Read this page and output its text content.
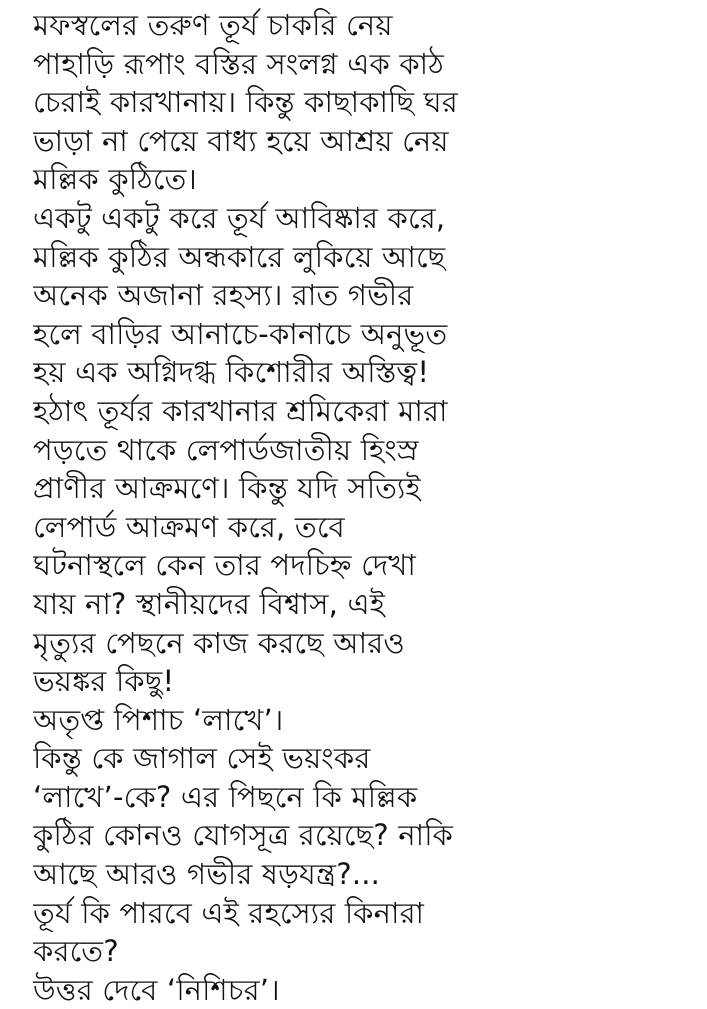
মফস্বলের তরুণ তূর্য চাকরি নেয়
পাহাড়ি রূপাং বস্তির সংলগ্ন এক কাঠ
চেরাই কারখানায়। কিন্তু কাছাকাছি ঘর
ভাড়া না পেয়ে বাধ্য হয়ে আশ্রয় নেয়
মল্লিক কুঠিতে।
একটু একটু করে তূর্য আবিষ্কার করে,
মল্লিক কুঠির অন্ধকারে লুকিয়ে আছে
অনেক অজানা রহস্য। রাত গভীর
হলে বাড়ির আনাচে-কানাচে অনুভূত
হয় এক অগ্নিদগ্ধ কিশোরীর অস্তিত্ব!
হঠাৎ তূর্যর কারখানার শ্রমিকেরা মারা
পড়তে থাকে লেপার্ডজাতীয় হিংস্র
প্রাণীর আক্রমণে। কিন্তু যদি সত্যিই
লেপার্ড আক্রমণ করে, তবে
ঘটনাস্থলে কেন তার পদচিহ্ন দেখা
যায় না? স্থানীয়দের বিশ্বাস, এই
মৃত্যুর পেছনে কাজ করছে আরও
ভয়ঙ্কর কিছু!
অতৃপ্ত পিশাচ ‘লাখে’।
কিন্তু কে জাগাল সেই ভয়ংকর
‘লাখে’-কে? এর পিছনে কি মল্লিক
কুঠির কোনও যোগসূত্র রয়েছে? নাকি
আছে আরও গভীর ষড়যন্ত্র?...
তূর্য কি পারবে এই রহস্যের কিনারা
করতে?
উত্তর দেবে ‘নিশিচর’।
